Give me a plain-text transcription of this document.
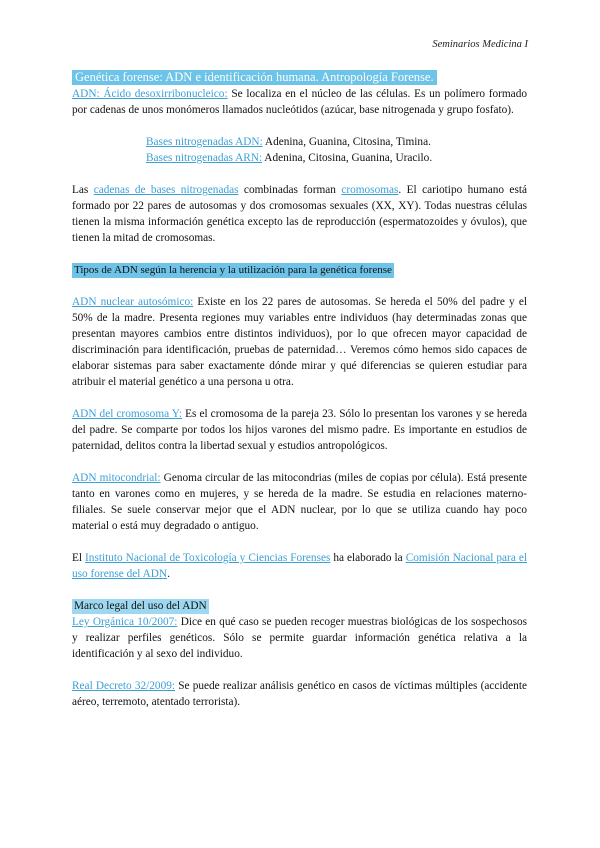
Seminarios Medicina I
Genética forense: ADN e identificación humana. Antropología Forense.

ADN: Ácido desoxirribonucleico: Se localiza en el núcleo de las células. Es un polímero formado por cadenas de unos monómeros llamados nucleótidos (azúcar, base nitrogenada y grupo fosfato).

Bases nitrogenadas ADN: Adenina, Guanina, Citosina, Timina.
Bases nitrogenadas ARN: Adenina, Citosina, Guanina, Uracilo.

Las cadenas de bases nitrogenadas combinadas forman cromosomas. El cariotipo humano está formado por 22 pares de autosomas y dos cromosomas sexuales (XX, XY). Todas nuestras células tienen la misma información genética excepto las de reproducción (espermatozoides y óvulos), que tienen la mitad de cromosomas.

Tipos de ADN según la herencia y la utilización para la genética forense

ADN nuclear autosómico: Existe en los 22 pares de autosomas. Se hereda el 50% del padre y el 50% de la madre. Presenta regiones muy variables entre individuos (hay determinadas zonas que presentan mayores cambios entre distintos individuos), por lo que ofrecen mayor capacidad de discriminación para identificación, pruebas de paternidad… Veremos cómo hemos sido capaces de elaborar sistemas para saber exactamente dónde mirar y qué diferencias se quieren estudiar para atribuir el material genético a una persona u otra.

ADN del cromosoma Y: Es el cromosoma de la pareja 23. Sólo lo presentan los varones y se hereda del padre. Se comparte por todos los hijos varones del mismo padre. Es importante en estudios de paternidad, delitos contra la libertad sexual y estudios antropológicos.

ADN mitocondrial: Genoma circular de las mitocondrias (miles de copias por célula). Está presente tanto en varones como en mujeres, y se hereda de la madre. Se estudia en relaciones materno-filiales. Se suele conservar mejor que el ADN nuclear, por lo que se utiliza cuando hay poco material o está muy degradado o antiguo.

El Instituto Nacional de Toxicología y Ciencias Forenses ha elaborado la Comisión Nacional para el uso forense del ADN.

Marco legal del uso del ADN

Ley Orgánica 10/2007: Dice en qué caso se pueden recoger muestras biológicas de los sospechosos y realizar perfiles genéticos. Sólo se permite guardar información genética relativa a la identificación y al sexo del individuo.

Real Decreto 32/2009: Se puede realizar análisis genético en casos de víctimas múltiples (accidente aéreo, terremoto, atentado terrorista).
